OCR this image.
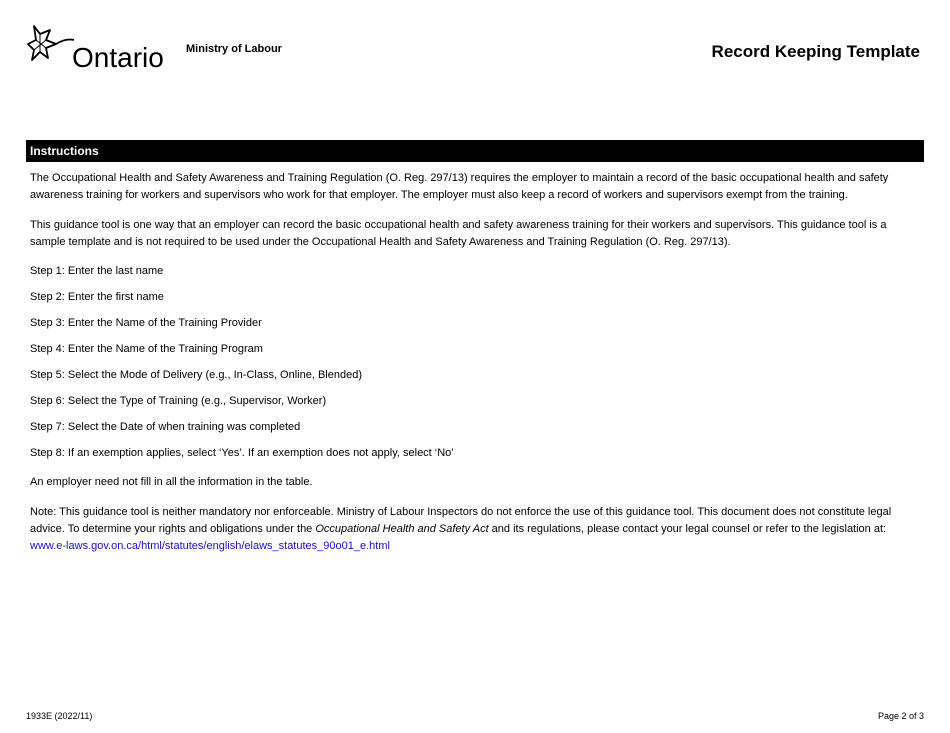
Ontario Ministry of Labour	Record Keeping Template
Instructions

The Occupational Health and Safety Awareness and Training Regulation (O. Reg. 297/13) requires the employer to maintain a record of the basic occupational health and safety awareness training for workers and supervisors who work for that employer. The employer must also keep a record of workers and supervisors exempt from the training.

This guidance tool is one way that an employer can record the basic occupational health and safety awareness training for their workers and supervisors. This guidance tool is a sample template and is not required to be used under the Occupational Health and Safety Awareness and Training Regulation (O. Reg. 297/13).

Step 1: Enter the last name

Step 2: Enter the first name

Step 3: Enter the Name of the Training Provider

Step 4: Enter the Name of the Training Program

Step 5: Select the Mode of Delivery (e.g., In-Class, Online, Blended)

Step 6: Select the Type of Training (e.g., Supervisor, Worker)

Step 7: Select the Date of when training was completed

Step 8: If an exemption applies, select ‘Yes’. If an exemption does not apply, select ‘No’

An employer need not fill in all the information in the table.

Note: This guidance tool is neither mandatory nor enforceable. Ministry of Labour Inspectors do not enforce the use of this guidance tool. This document does not constitute legal advice. To determine your rights and obligations under the Occupational Health and Safety Act and its regulations, please contact your legal counsel or refer to the legislation at:
www.e-laws.gov.on.ca/html/statutes/english/elaws_statutes_90o01_e.html

1933E (2022/11)	Page 2 of 3
